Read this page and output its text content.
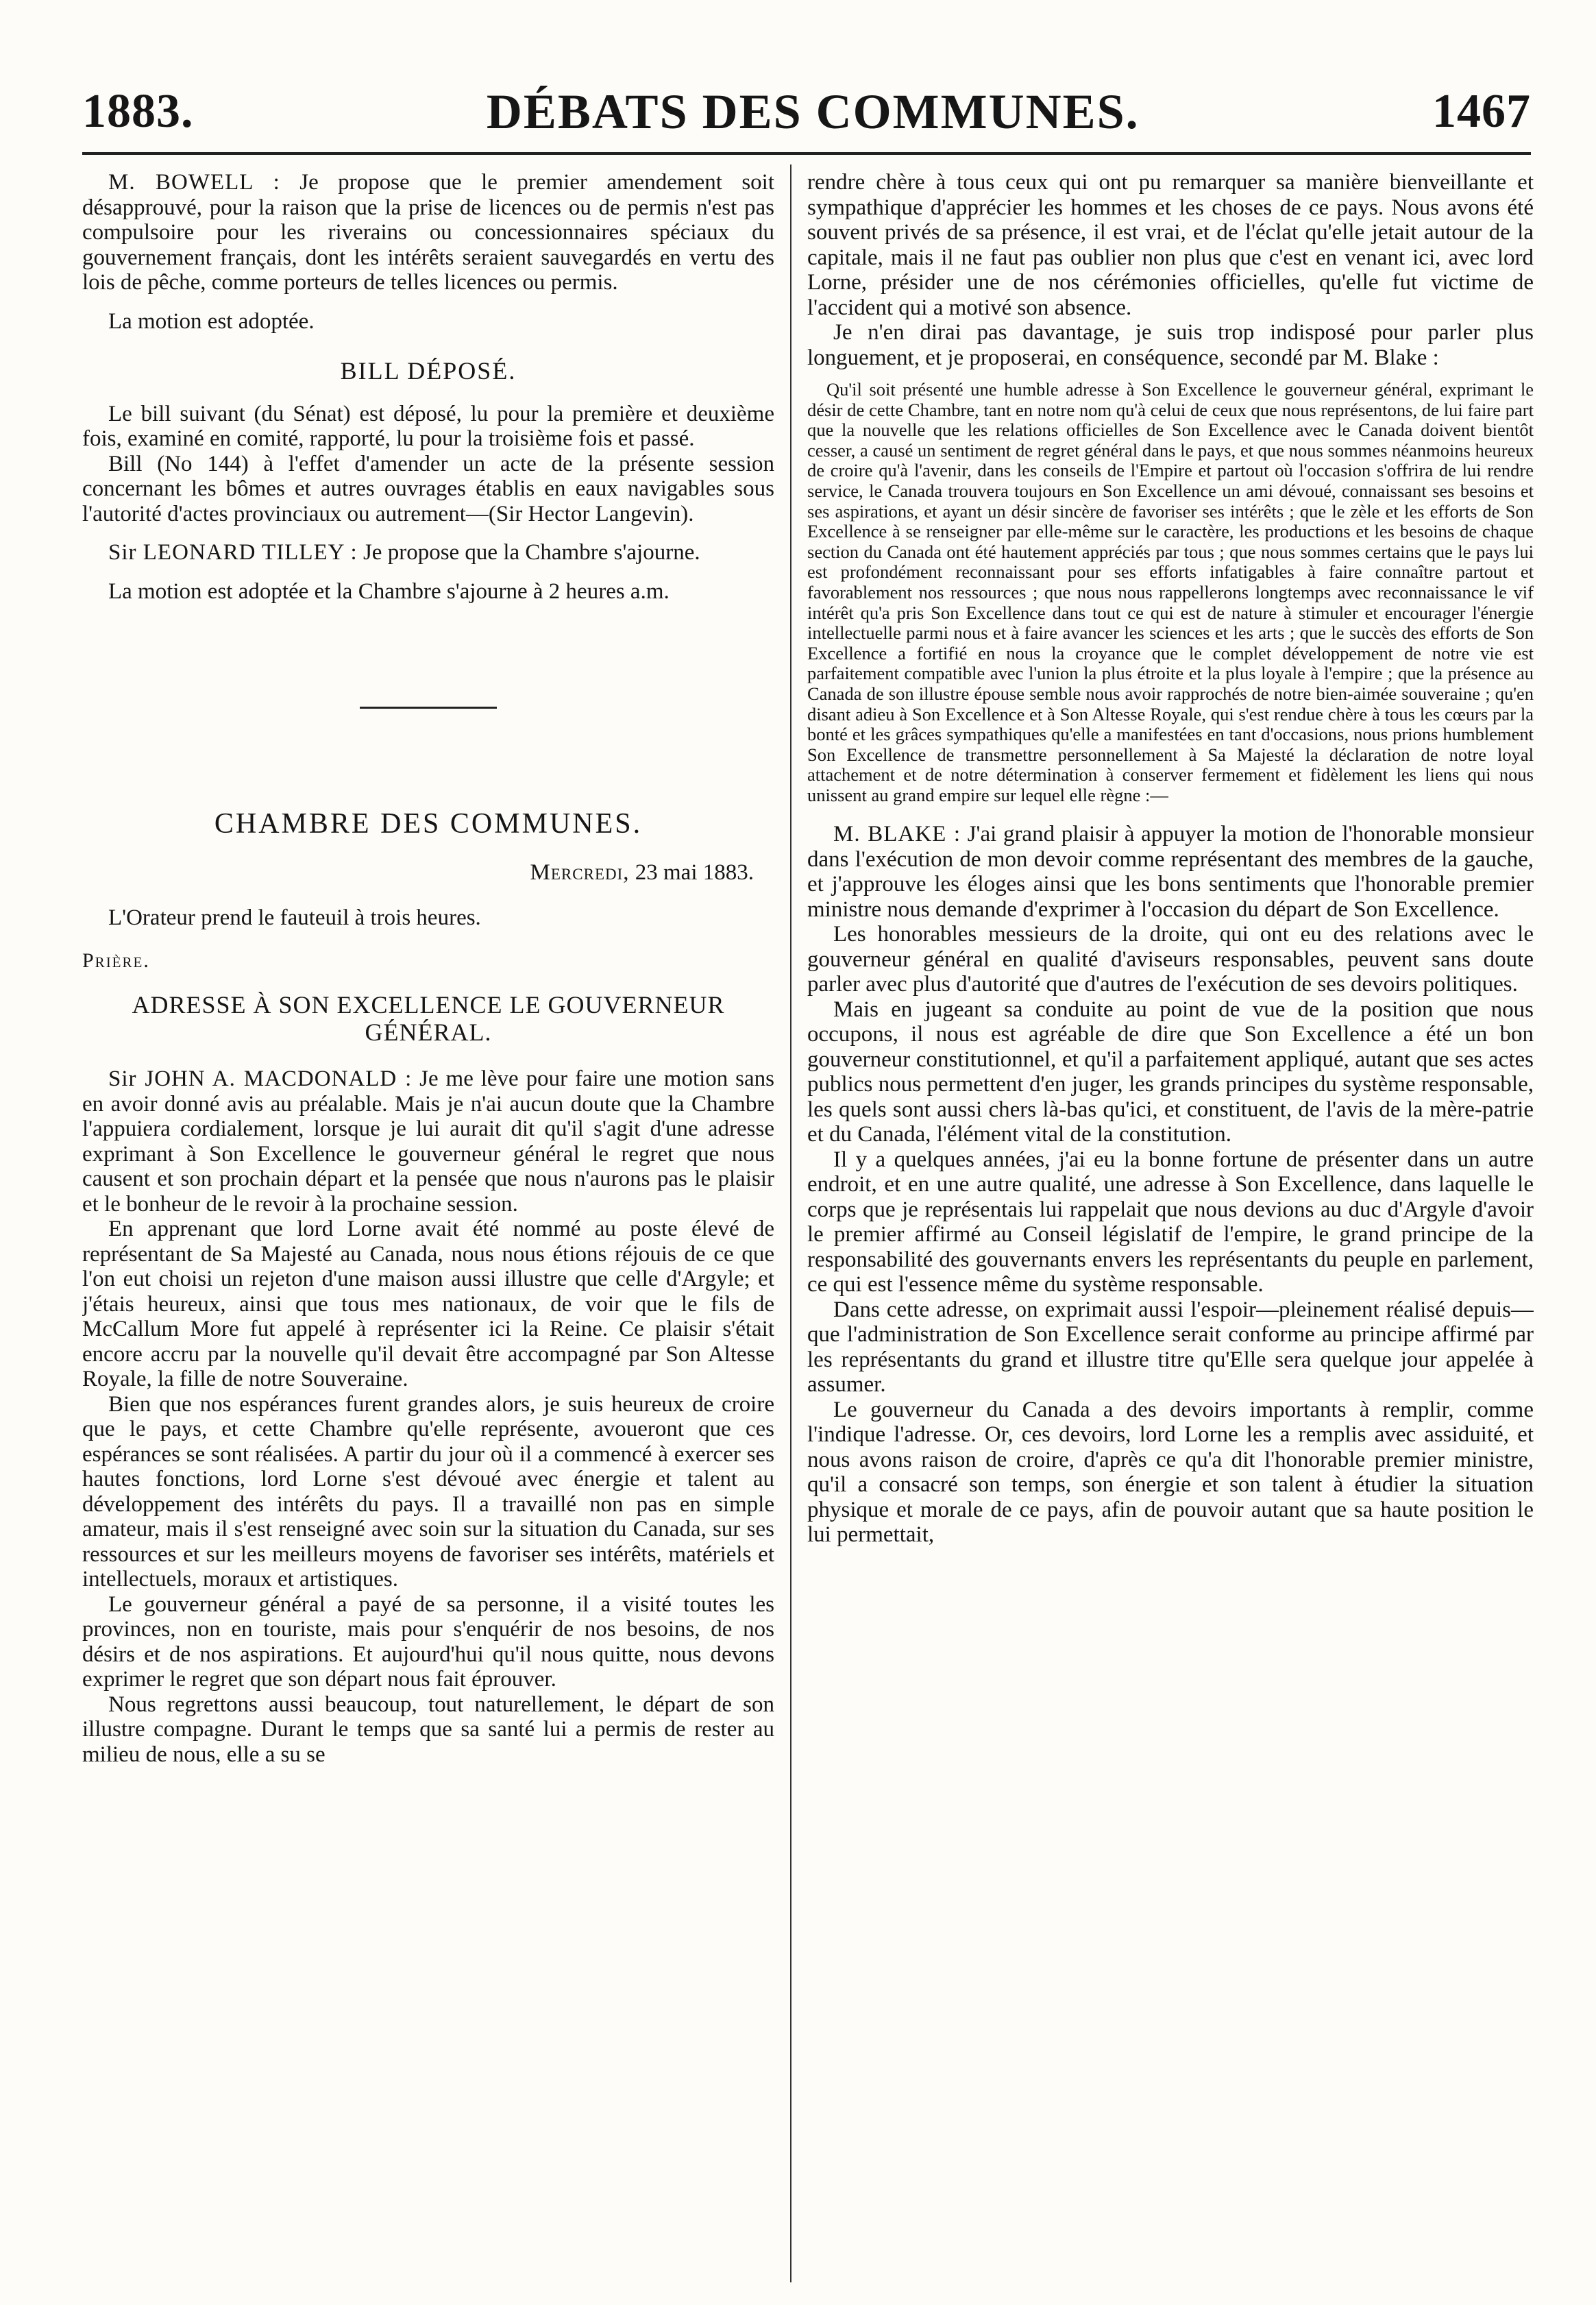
1883.	DÉBATS DES COMMUNES.	1467

M. BOWELL : Je propose que le premier amendement soit désapprouvé, pour la raison que la prise de licences ou de permis n'est pas compulsoire pour les riverains ou concessionnaires spéciaux du gouvernement français, dont les intérêts seraient sauvegardés en vertu des lois de pêche, comme porteurs de telles licences ou permis.

La motion est adoptée.

BILL DÉPOSÉ.

Le bill suivant (du Sénat) est déposé, lu pour la première et deuxième fois, examiné en comité, rapporté, lu pour la troisième fois et passé.

Bill (No 144) à l'effet d'amender un acte de la présente session concernant les bômes et autres ouvrages établis en eaux navigables sous l'autorité d'actes provinciaux ou autrement—(Sir Hector Langevin).

Sir LEONARD TILLEY : Je propose que la Chambre s'ajourne.

La motion est adoptée et la Chambre s'ajourne à 2 heures a.m.

CHAMBRE DES COMMUNES.

Mercredi, 23 mai 1883.

L'Orateur prend le fauteuil à trois heures.

Prière.

ADRESSE À SON EXCELLENCE LE GOUVERNEUR GÉNÉRAL.

Sir JOHN A. MACDONALD : Je me lève pour faire une motion sans en avoir donné avis au préalable. Mais je n'ai aucun doute que la Chambre l'appuiera cordialement, lorsque je lui aurait dit qu'il s'agit d'une adresse exprimant à Son Excellence le gouverneur général le regret que nous causent et son prochain départ et la pensée que nous n'aurons pas le plaisir et le bonheur de le revoir à la prochaine session.

En apprenant que lord Lorne avait été nommé au poste élevé de représentant de Sa Majesté au Canada, nous nous étions réjouis de ce que l'on eut choisi un rejeton d'une maison aussi illustre que celle d'Argyle; et j'étais heureux, ainsi que tous mes nationaux, de voir que le fils de McCallum More fut appelé à représenter ici la Reine. Ce plaisir s'était encore accru par la nouvelle qu'il devait être accompagné par Son Altesse Royale, la fille de notre Souveraine.

Bien que nos espérances furent grandes alors, je suis heureux de croire que le pays, et cette Chambre qu'elle représente, avoueront que ces espérances se sont réalisées. A partir du jour où il a commencé à exercer ses hautes fonctions, lord Lorne s'est dévoué avec énergie et talent au développement des intérêts du pays. Il a travaillé non pas en simple amateur, mais il s'est renseigné avec soin sur la situation du Canada, sur ses ressources et sur les meilleurs moyens de favoriser ses intérêts, matériels et intellectuels, moraux et artistiques.

Le gouverneur général a payé de sa personne, il a visité toutes les provinces, non en touriste, mais pour s'enquérir de nos besoins, de nos désirs et de nos aspirations. Et aujourd'hui qu'il nous quitte, nous devons exprimer le regret que son départ nous fait éprouver.

Nous regrettons aussi beaucoup, tout naturellement, le départ de son illustre compagne. Durant le temps que sa santé lui a permis de rester au milieu de nous, elle a su se

rendre chère à tous ceux qui ont pu remarquer sa manière bienveillante et sympathique d'apprécier les hommes et les choses de ce pays. Nous avons été souvent privés de sa présence, il est vrai, et de l'éclat qu'elle jetait autour de la capitale, mais il ne faut pas oublier non plus que c'est en venant ici, avec lord Lorne, présider une de nos cérémonies officielles, qu'elle fut victime de l'accident qui a motivé son absence.

Je n'en dirai pas davantage, je suis trop indisposé pour parler plus longuement, et je proposerai, en conséquence, secondé par M. Blake :

Qu'il soit présenté une humble adresse à Son Excellence le gouverneur général, exprimant le désir de cette Chambre, tant en notre nom qu'à celui de ceux que nous représentons, de lui faire part que la nouvelle que les relations officielles de Son Excellence avec le Canada doivent bientôt cesser, a causé un sentiment de regret général dans le pays, et que nous sommes néanmoins heureux de croire qu'à l'avenir, dans les conseils de l'Empire et partout où l'occasion s'offrira de lui rendre service, le Canada trouvera toujours en Son Excellence un ami dévoué, connaissant ses besoins et ses aspirations, et ayant un désir sincère de favoriser ses intérêts ; que le zèle et les efforts de Son Excellence à se renseigner par elle-même sur le caractère, les productions et les besoins de chaque section du Canada ont été hautement appréciés par tous ; que nous sommes certains que le pays lui est profondément reconnaissant pour ses efforts infatigables à faire connaître partout et favorablement nos ressources ; que nous nous rappellerons longtemps avec reconnaissance le vif intérêt qu'a pris Son Excellence dans tout ce qui est de nature à stimuler et encourager l'énergie intellectuelle parmi nous et à faire avancer les sciences et les arts ; que le succès des efforts de Son Excellence a fortifié en nous la croyance que le complet développement de notre vie est parfaitement compatible avec l'union la plus étroite et la plus loyale à l'empire ; que la présence au Canada de son illustre épouse semble nous avoir rapprochés de notre bien-aimée souveraine ; qu'en disant adieu à Son Excellence et à Son Altesse Royale, qui s'est rendue chère à tous les cœurs par la bonté et les grâces sympathiques qu'elle a manifestées en tant d'occasions, nous prions humblement Son Excellence de transmettre personnellement à Sa Majesté la déclaration de notre loyal attachement et de notre détermination à conserver fermement et fidèlement les liens qui nous unissent au grand empire sur lequel elle règne :—

M. BLAKE : J'ai grand plaisir à appuyer la motion de l'honorable monsieur dans l'exécution de mon devoir comme représentant des membres de la gauche, et j'approuve les éloges ainsi que les bons sentiments que l'honorable premier ministre nous demande d'exprimer à l'occasion du départ de Son Excellence.

Les honorables messieurs de la droite, qui ont eu des relations avec le gouverneur général en qualité d'aviseurs responsables, peuvent sans doute parler avec plus d'autorité que d'autres de l'exécution de ses devoirs politiques.

Mais en jugeant sa conduite au point de vue de la position que nous occupons, il nous est agréable de dire que Son Excellence a été un bon gouverneur constitutionnel, et qu'il a parfaitement appliqué, autant que ses actes publics nous permettent d'en juger, les grands principes du système responsable, les quels sont aussi chers là-bas qu'ici, et constituent, de l'avis de la mère-patrie et du Canada, l'élément vital de la constitution.

Il y a quelques années, j'ai eu la bonne fortune de présenter dans un autre endroit, et en une autre qualité, une adresse à Son Excellence, dans laquelle le corps que je représentais lui rappelait que nous devions au duc d'Argyle d'avoir le premier affirmé au Conseil législatif de l'empire, le grand principe de la responsabilité des gouvernants envers les représentants du peuple en parlement, ce qui est l'essence même du système responsable.

Dans cette adresse, on exprimait aussi l'espoir—pleinement réalisé depuis—que l'administration de Son Excellence serait conforme au principe affirmé par les représentants du grand et illustre titre qu'Elle sera quelque jour appelée à assumer.

Le gouverneur du Canada a des devoirs importants à remplir, comme l'indique l'adresse. Or, ces devoirs, lord Lorne les a remplis avec assiduité, et nous avons raison de croire, d'après ce qu'a dit l'honorable premier ministre, qu'il a consacré son temps, son énergie et son talent à étudier la situation physique et morale de ce pays, afin de pouvoir autant que sa haute position le lui permettait,
